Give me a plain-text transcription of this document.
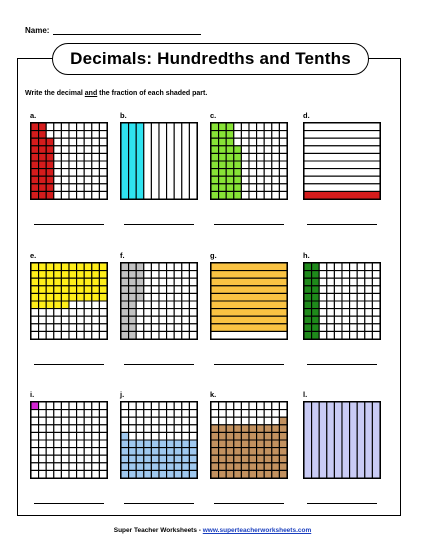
Name:
Decimals: Hundredths and Tenths
Write the decimal and the fraction of each shaded part.
a.	b.	c.	d.
e.	f.	g.	h.
i.	j.	k.	l.
Super Teacher Worksheets - www.superteacherworksheets.com
